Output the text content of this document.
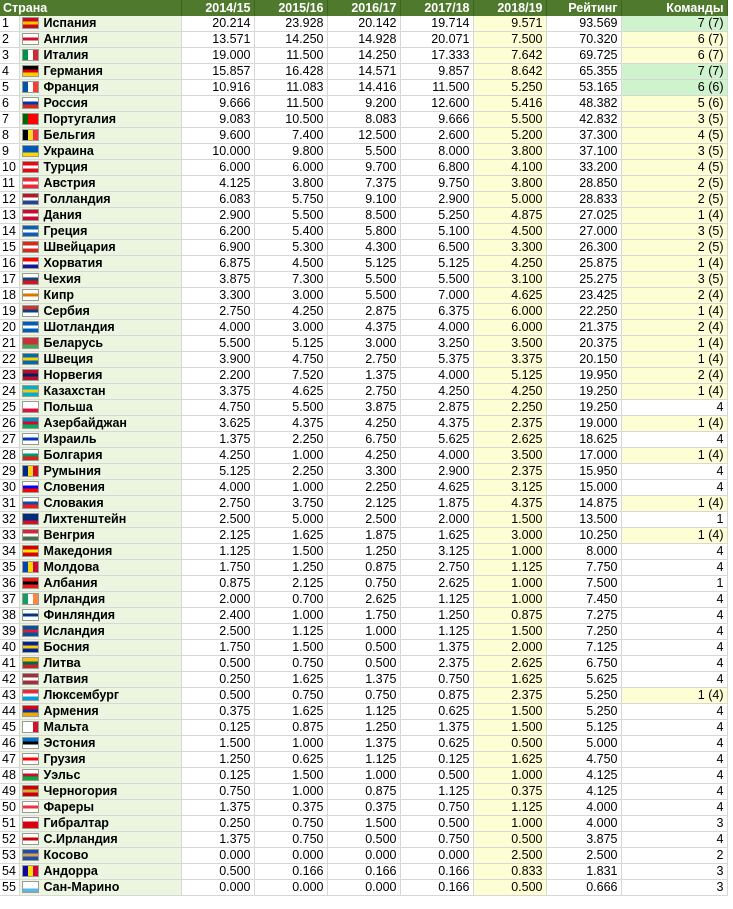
Страна		2014/15	2015/16	2016/17	2017/18	2018/19	Рейтинг	Команды
1	Испания	20.214	23.928	20.142	19.714	9.571	93.569	7 (7)
2	Англия	13.571	14.250	14.928	20.071	7.500	70.320	6 (7)
3	Италия	19.000	11.500	14.250	17.333	7.642	69.725	6 (7)
4	Германия	15.857	16.428	14.571	9.857	8.642	65.355	7 (7)
5	Франция	10.916	11.083	14.416	11.500	5.250	53.165	6 (6)
6	Россия	9.666	11.500	9.200	12.600	5.416	48.382	5 (6)
7	Португалия	9.083	10.500	8.083	9.666	5.500	42.832	3 (5)
8	Бельгия	9.600	7.400	12.500	2.600	5.200	37.300	4 (5)
9	Украина	10.000	9.800	5.500	8.000	3.800	37.100	3 (5)
10	Турция	6.000	6.000	9.700	6.800	4.100	33.200	4 (5)
11	Австрия	4.125	3.800	7.375	9.750	3.800	28.850	2 (5)
12	Голландия	6.083	5.750	9.100	2.900	5.000	28.833	2 (5)
13	Дания	2.900	5.500	8.500	5.250	4.875	27.025	1 (4)
14	Греция	6.200	5.400	5.800	5.100	4.500	27.000	3 (5)
15	Швейцария	6.900	5.300	4.300	6.500	3.300	26.300	2 (5)
16	Хорватия	6.875	4.500	5.125	5.125	4.250	25.875	1 (4)
17	Чехия	3.875	7.300	5.500	5.500	3.100	25.275	3 (5)
18	Кипр	3.300	3.000	5.500	7.000	4.625	23.425	2 (4)
19	Сербия	2.750	4.250	2.875	6.375	6.000	22.250	1 (4)
20	Шотландия	4.000	3.000	4.375	4.000	6.000	21.375	2 (4)
21	Беларусь	5.500	5.125	3.000	3.250	3.500	20.375	1 (4)
22	Швеция	3.900	4.750	2.750	5.375	3.375	20.150	1 (4)
23	Норвегия	2.200	7.520	1.375	4.000	5.125	19.950	2 (4)
24	Казахстан	3.375	4.625	2.750	4.250	4.250	19.250	1 (4)
25	Польша	4.750	5.500	3.875	2.875	2.250	19.250	4
26	Азербайджан	3.625	4.375	4.250	4.375	2.375	19.000	1 (4)
27	Израиль	1.375	2.250	6.750	5.625	2.625	18.625	4
28	Болгария	4.250	1.000	4.250	4.000	3.500	17.000	1 (4)
29	Румыния	5.125	2.250	3.300	2.900	2.375	15.950	4
30	Словения	4.000	1.000	2.250	4.625	3.125	15.000	4
31	Словакия	2.750	3.750	2.125	1.875	4.375	14.875	1 (4)
32	Лихтенштейн	2.500	5.000	2.500	2.000	1.500	13.500	1
33	Венгрия	2.125	1.625	1.875	1.625	3.000	10.250	1 (4)
34	Македония	1.125	1.500	1.250	3.125	1.000	8.000	4
35	Молдова	1.750	1.250	0.875	2.750	1.125	7.750	4
36	Албания	0.875	2.125	0.750	2.625	1.000	7.500	1
37	Ирландия	2.000	0.700	2.625	1.125	1.000	7.450	4
38	Финляндия	2.400	1.000	1.750	1.250	0.875	7.275	4
39	Исландия	2.500	1.125	1.000	1.125	1.500	7.250	4
40	Босния	1.750	1.500	0.500	1.375	2.000	7.125	4
41	Литва	0.500	0.750	0.500	2.375	2.625	6.750	4
42	Латвия	0.250	1.625	1.375	0.750	1.625	5.625	4
43	Люксембург	0.500	0.750	0.750	0.875	2.375	5.250	1 (4)
44	Армения	0.375	1.625	1.125	0.625	1.500	5.250	4
45	Мальта	0.125	0.875	1.250	1.375	1.500	5.125	4
46	Эстония	1.500	1.000	1.375	0.625	0.500	5.000	4
47	Грузия	1.250	0.625	1.125	0.125	1.625	4.750	4
48	Уэльс	0.125	1.500	1.000	0.500	1.000	4.125	4
49	Черногория	0.750	1.000	0.875	1.125	0.375	4.125	4
50	Фареры	1.375	0.375	0.375	0.750	1.125	4.000	4
51	Гибралтар	0.250	0.750	1.500	0.500	1.000	4.000	3
52	С.Ирландия	1.375	0.750	0.500	0.750	0.500	3.875	4
53	Косово	0.000	0.000	0.000	0.000	2.500	2.500	2
54	Андорра	0.500	0.166	0.166	0.166	0.833	1.831	3
55	Сан-Марино	0.000	0.000	0.000	0.166	0.500	0.666	3
